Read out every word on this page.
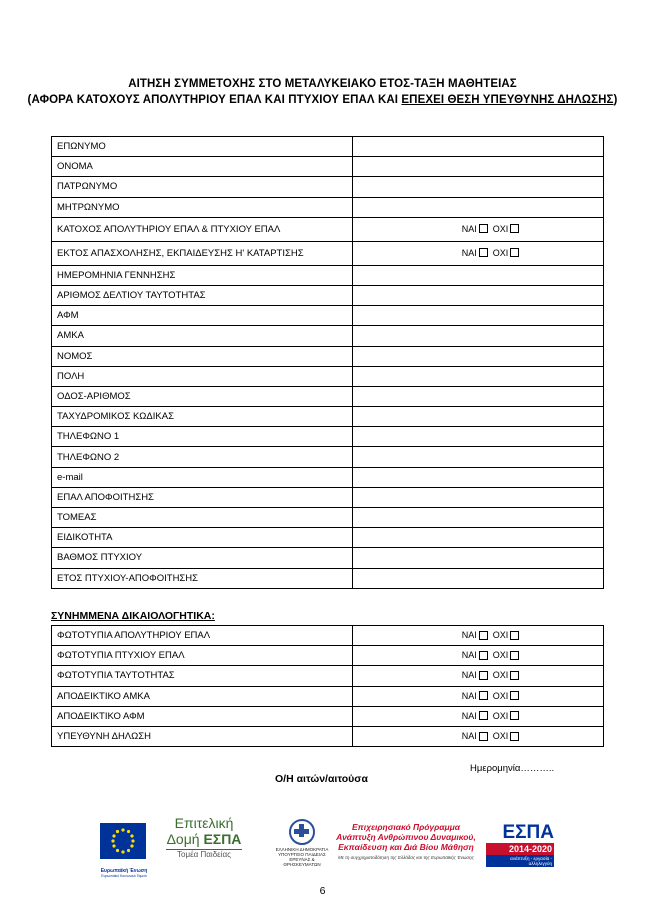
ΑΙΤΗΣΗ ΣΥΜΜΕΤΟΧΗΣ ΣΤΟ ΜΕΤΑΛΥΚΕΙΑΚΟ ΕΤΟΣ-ΤΑΞΗ ΜΑΘΗΤΕΙΑΣ
(ΑΦΟΡΑ ΚΑΤΟΧΟΥΣ ΑΠΟΛΥΤΗΡΙΟΥ ΕΠΑΛ ΚΑΙ ΠΤΥΧΙΟΥ ΕΠΑΛ ΚΑΙ ΕΠΕΧΕΙ ΘΕΣΗ ΥΠΕΥΘΥΝΗΣ ΔΗΛΩΣΗΣ)
ΕΠΩΝΥΜΟ	
ΟΝΟΜΑ	
ΠΑΤΡΩΝΥΜΟ	
ΜΗΤΡΩΝΥΜΟ	
ΚΑΤΟΧΟΣ ΑΠΟΛΥΤΗΡΙΟΥ ΕΠΑΛ & ΠΤΥΧΙΟΥ ΕΠΑΛ	ΝΑΙ ΟΧΙ

ΕΚΤΟΣ ΑΠΑΣΧΟΛΗΣΗΣ, ΕΚΠΑΙΔΕΥΣΗΣ Η' ΚΑΤΑΡΤΙΣΗΣ	ΝΑΙ ΟΧΙ

ΗΜΕΡΟΜΗΝΙΑ ΓΕΝΝΗΣΗΣ	
ΑΡΙΘΜΟΣ ΔΕΛΤΙΟΥ ΤΑΥΤΟΤΗΤΑΣ	
ΑΦΜ	
ΑΜΚΑ	
ΝΟΜΟΣ	
ΠΟΛΗ	
ΟΔΟΣ-ΑΡΙΘΜΟΣ	
ΤΑΧΥΔΡΟΜΙΚΟΣ ΚΩΔΙΚΑΣ	
ΤΗΛΕΦΩΝΟ 1	
ΤΗΛΕΦΩΝΟ 2	
e-mail	
ΕΠΑΛ ΑΠΟΦΟΙΤΗΣΗΣ	
ΤΟΜΕΑΣ	
ΕΙΔΙΚΟΤΗΤΑ	
ΒΑΘΜΟΣ ΠΤΥΧΙΟΥ	
ΕΤΟΣ ΠΤΥΧΙΟΥ-ΑΠΟΦΟΙΤΗΣΗΣ	
ΣΥΝΗΜΜΕΝΑ ΔΙΚΑΙΟΛΟΓΗΤΙΚΑ:
ΦΩΤΟΤΥΠΙΑ ΑΠΟΛΥΤΗΡΙΟΥ ΕΠΑΛ	ΝΑΙ ΟΧΙ

ΦΩΤΟΤΥΠΙΑ ΠΤΥΧΙΟΥ ΕΠΑΛ	ΝΑΙ ΟΧΙ

ΦΩΤΟΤΥΠΙΑ ΤΑΥΤΟΤΗΤΑΣ	ΝΑΙ ΟΧΙ

ΑΠΟΔΕΙΚΤΙΚΟ ΑΜΚΑ	ΝΑΙ ΟΧΙ

ΑΠΟΔΕΙΚΤΙΚΟ ΑΦΜ	ΝΑΙ ΟΧΙ

ΥΠΕΥΘΥΝΗ ΔΗΛΩΣΗ	ΝΑΙ ΟΧΙ
Ημερομηνία………..
Ο/Η αιτών/αιτούσα
Ευρωπαϊκή Ένωση
Ευρωπαϊκό Κοινωνικό Ταμείο
Επιτελική
Δομή ΕΣΠΑ
Τομέα Παιδείας
ΕΛΛΗΝΙΚΗ ΔΗΜΟΚΡΑΤΙΑ ΥΠΟΥΡΓΕΙΟ ΠΑΙΔΕΙΑΣ ΕΡΕΥΝΑΣ & ΘΡΗΣΚΕΥΜΑΤΩΝ
Επιχειρησιακό Πρόγραμμα
Ανάπτυξη Ανθρώπινου Δυναμικού,
Εκπαίδευση και Διά Βίου Μάθηση
Με τη συγχρηματοδότηση της Ελλάδας και της Ευρωπαϊκής Ένωσης
ΕΣΠΑ
2014-2020
ανάπτυξη - εργασία - αλληλεγγύη
6
